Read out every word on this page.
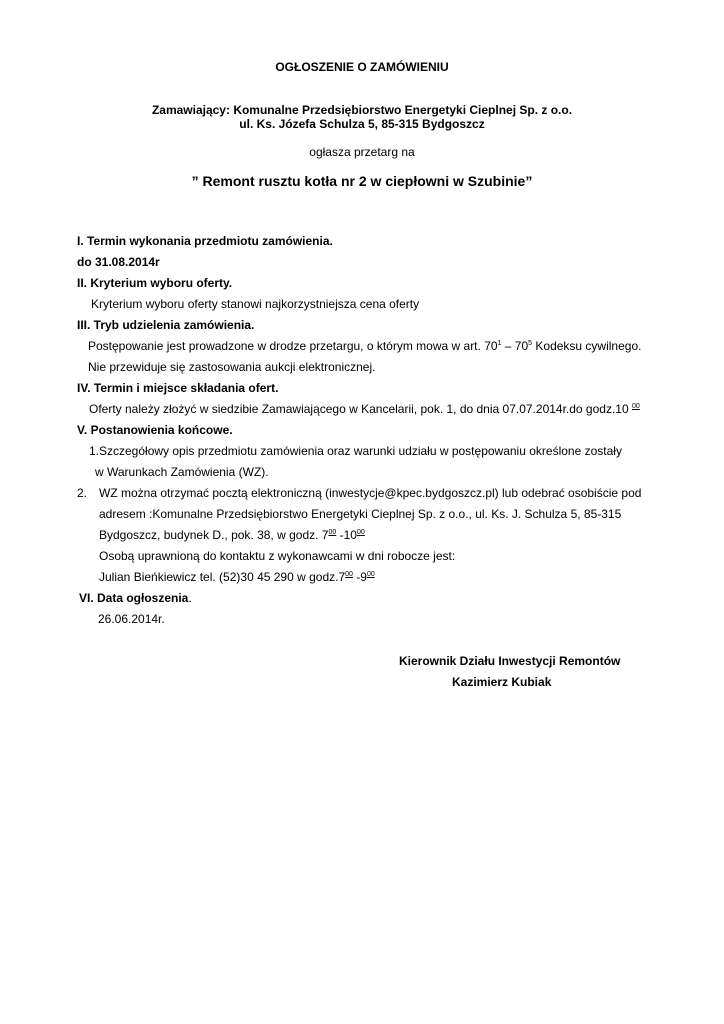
OGŁOSZENIE O ZAMÓWIENIU
Zamawiający: Komunalne Przedsiębiorstwo Energetyki Cieplnej Sp. z o.o.
ul. Ks. Józefa Schulza 5, 85-315 Bydgoszcz
ogłasza przetarg na
” Remont rusztu kotła nr 2 w ciepłowni w Szubinie”
I. Termin wykonania przedmiotu zamówienia.
do 31.08.2014r
II. Kryterium wyboru oferty.
Kryterium wyboru oferty stanowi najkorzystniejsza cena oferty
III. Tryb udzielenia zamówienia.
Postępowanie jest prowadzone w drodze przetargu, o którym mowa w art. $70^1 - 70^5$ Kodeksu cywilnego.
Nie przewiduje się zastosowania aukcji elektronicznej.
IV. Termin i miejsce składania ofert.
Oferty należy złożyć w siedzibie Zamawiającego w Kancelarii, pok. 1, do dnia 07.07.2014r.do godz.10 $^{00}$
V. Postanowienia końcowe.
1.Szczegółowy opis przedmiotu zamówienia oraz warunki udziału w postępowaniu określone zostały
w Warunkach Zamówienia (WZ).
2. WZ można otrzymać pocztą elektroniczną (inwestycje@kpec.bydgoszcz.pl) lub odebrać osobiście pod
adresem :Komunalne Przedsiębiorstwo Energetyki Cieplnej Sp. z o.o., ul. Ks. J. Schulza 5, 85-315
Bydgoszcz, budynek D., pok. 38, w godz. $7^{00}$ $-10^{00}$
Osobą uprawnioną do kontaktu z wykonawcami w dni robocze jest:
Julian Bieńkiewicz tel. (52)30 45 290 w $godz.7^{00}$ $-9^{00}$
VI. Data ogłoszenia.
26.06.2014r.
Kierownik Działu Inwestycji Remontów
Kazimierz Kubiak
